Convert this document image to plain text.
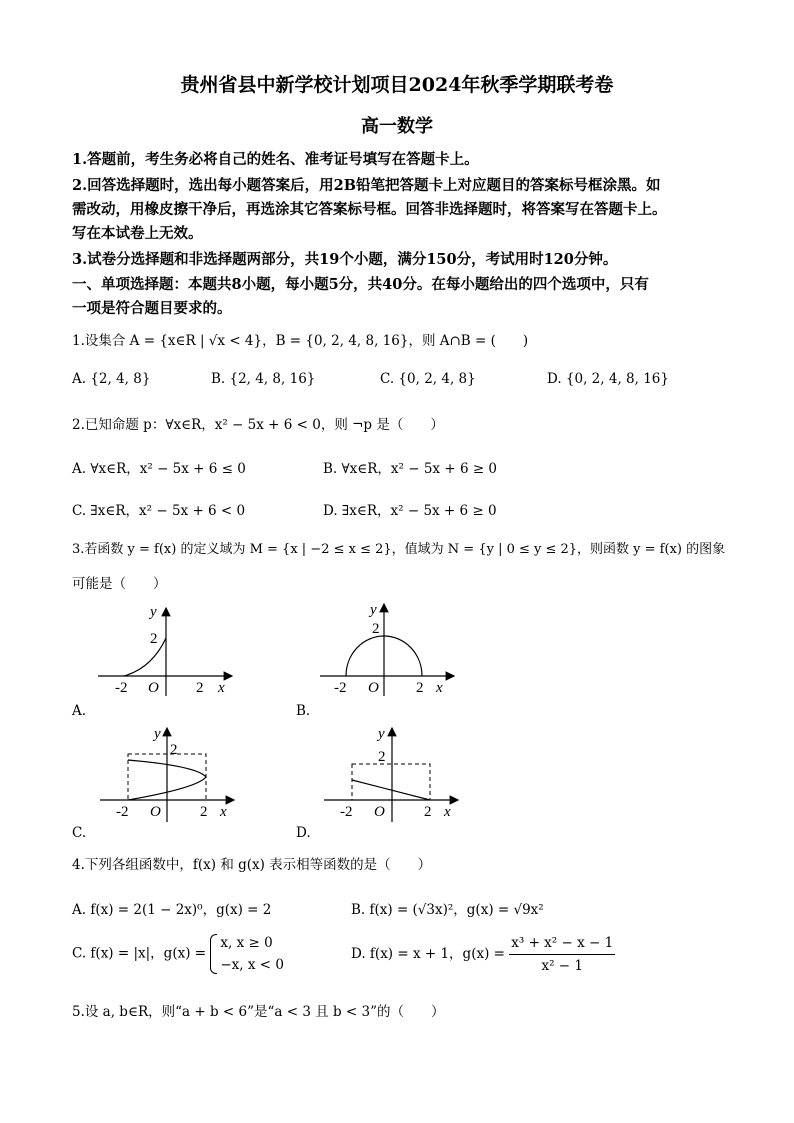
贵州省县中新学校计划项目2024年秋季学期联考卷
高一数学
1.答题前，考生务必将自己的姓名、准考证号填写在答题卡上。
2.回答选择题时，选出每小题答案后，用2B铅笔把答题卡上对应题目的答案标号框涂黑。如
需改动，用橡皮擦干净后，再选涂其它答案标号框。回答非选择题时，将答案写在答题卡上。
写在本试卷上无效。
3.试卷分选择题和非选择题两部分，共19个小题，满分150分，考试用时120分钟。
一、单项选择题：本题共8小题，每小题5分，共40分。在每小题给出的四个选项中，只有
一项是符合题目要求的。
1.设集合 A = {x∈R | √x < 4}，B = {0, 2, 4, 8, 16}，则 A∩B = (　　)
A. {2, 4, 8}	B. {2, 4, 8, 16}	C. {0, 2, 4, 8}	D. {0, 2, 4, 8, 16}
2.已知命题 p：∀x∈R，x² − 5x + 6 < 0，则 ¬p 是（　　）
A. ∀x∈R，x² − 5x + 6 ≤ 0	B. ∀x∈R，x² − 5x + 6 ≥ 0
C. ∃x∈R，x² − 5x + 6 < 0	D. ∃x∈R，x² − 5x + 6 ≥ 0
3.若函数 y = f(x) 的定义域为 M = {x | −2 ≤ x ≤ 2}，值域为 N = {y | 0 ≤ y ≤ 2}，则函数 y = f(x) 的图象
可能是（　　）
y
2
-2 O 2 x
A.
y
2
-2 O 2 x
B.
y
2
-2 O	2 x
C.
y
2
-2 O	2 x
D.
4.下列各组函数中，f(x) 和 g(x) 表示相等函数的是（　　）
A. f(x) = 2(1 − 2x)⁰，g(x) = 2	B. f(x) = (√3x)²，g(x) = √9x²
C. f(x) = |x|，g(x) =
x, x ≥ 0
−x, x < 0
D. f(x) = x + 1，$g(x) = \frac{\text{x³ + x² − x − 1}}{\text{x² − 1}}$
5.设 a, b∈R，则“a + b < 6”是“a < 3 且 b < 3”的（　　）
